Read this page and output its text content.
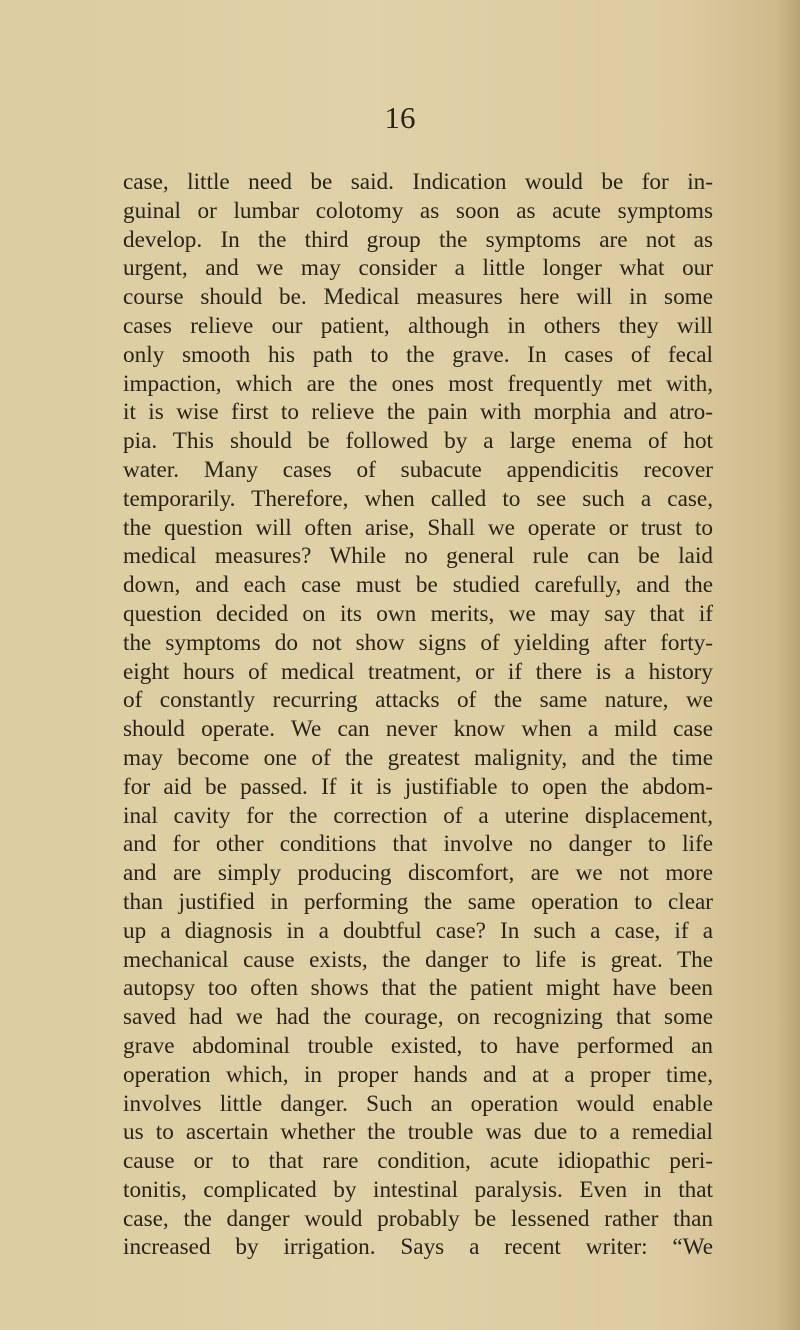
16
case, little need be said. Indication would be for in-
guinal or lumbar colotomy as soon as acute symptoms
develop. In the third group the symptoms are not as
urgent, and we may consider a little longer what our
course should be. Medical measures here will in some
cases relieve our patient, although in others they will
only smooth his path to the grave. In cases of fecal
impaction, which are the ones most frequently met with,
it is wise first to relieve the pain with morphia and atro-
pia. This should be followed by a large enema of hot
water. Many cases of subacute appendicitis recover
temporarily. Therefore, when called to see such a case,
the question will often arise, Shall we operate or trust to
medical measures? While no general rule can be laid
down, and each case must be studied carefully, and the
question decided on its own merits, we may say that if
the symptoms do not show signs of yielding after forty-
eight hours of medical treatment, or if there is a history
of constantly recurring attacks of the same nature, we
should operate. We can never know when a mild case
may become one of the greatest malignity, and the time
for aid be passed. If it is justifiable to open the abdom-
inal cavity for the correction of a uterine displacement,
and for other conditions that involve no danger to life
and are simply producing discomfort, are we not more
than justified in performing the same operation to clear
up a diagnosis in a doubtful case? In such a case, if a
mechanical cause exists, the danger to life is great. The
autopsy too often shows that the patient might have been
saved had we had the courage, on recognizing that some
grave abdominal trouble existed, to have performed an
operation which, in proper hands and at a proper time,
involves little danger. Such an operation would enable
us to ascertain whether the trouble was due to a remedial
cause or to that rare condition, acute idiopathic peri-
tonitis, complicated by intestinal paralysis. Even in that
case, the danger would probably be lessened rather than
increased by irrigation. Says a recent writer: “We
